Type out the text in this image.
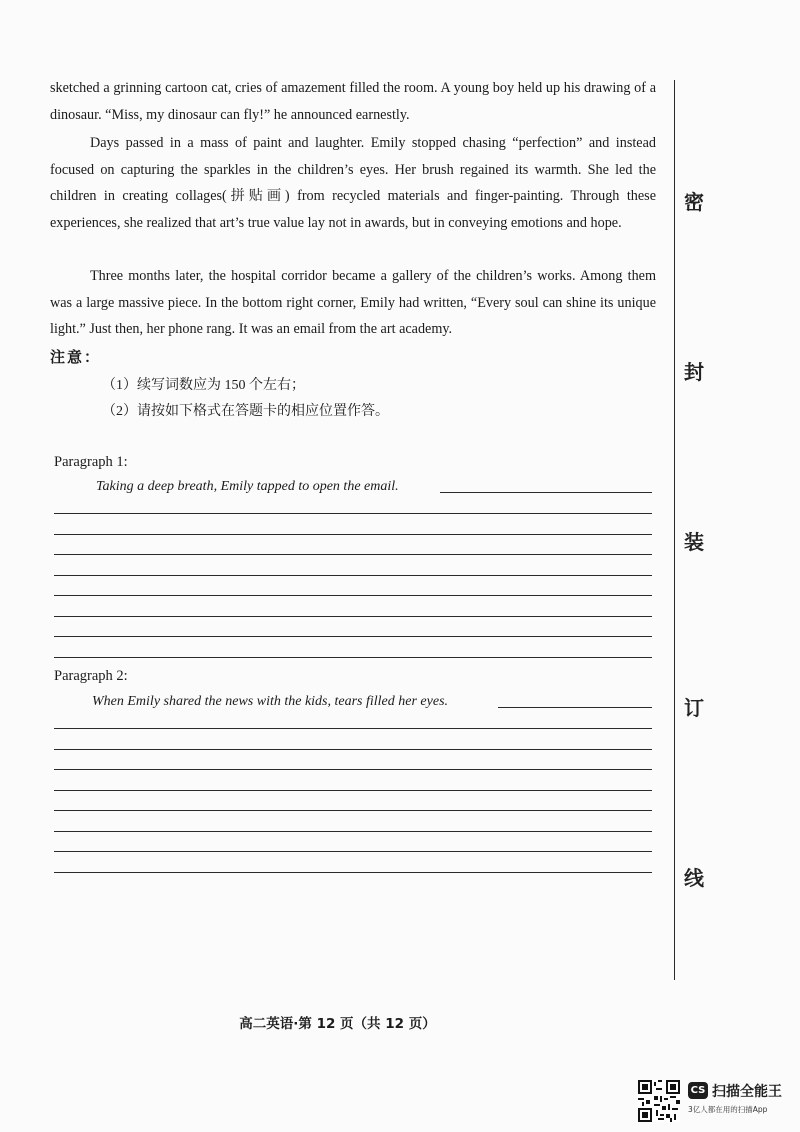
sketched a grinning cartoon cat, cries of amazement filled the room. A young boy held up his drawing of a dinosaur. “Miss, my dinosaur can fly!” he announced earnestly.

Days passed in a mass of paint and laughter. Emily stopped chasing “perfection” and instead focused on capturing the sparkles in the children’s eyes. Her brush regained its warmth. She led the children in creating collages(拼贴画) from recycled materials and finger-painting. Through these experiences, she realized that art’s true value lay not in awards, but in conveying emotions and hope.

Three months later, the hospital corridor became a gallery of the children’s works. Among them was a large massive piece. In the bottom right corner, Emily had written, “Every soul can shine its unique light.” Just then, her phone rang. It was an email from the art academy.

注意：
（1）续写词数应为 150 个左右；
（2）请按如下格式在答题卡的相应位置作答。
Paragraph 1:
Taking a deep breath, Emily tapped to open the email.
Paragraph 2:
When Emily shared the news with the kids, tears filled her eyes.
密
封
装
订
线
高二英语·第 12 页（共 12 页）
CS 扫描全能王
3亿人都在用的扫描App
